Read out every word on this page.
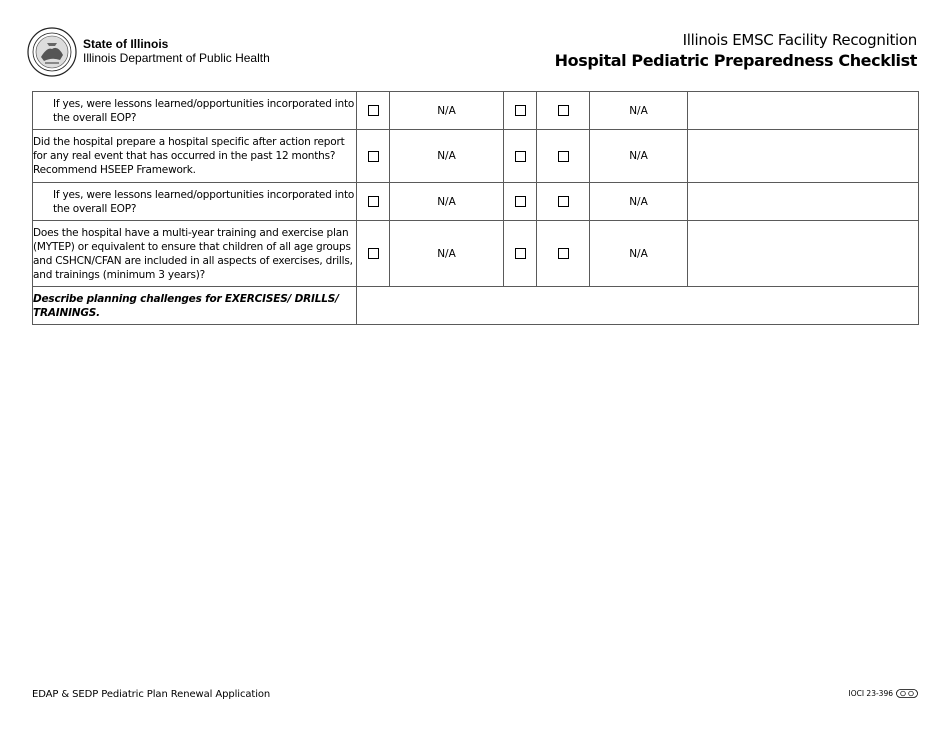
State of Illinois
Illinois Department of Public Health
Illinois EMSC Facility Recognition
Hospital Pediatric Preparedness Checklist
If yes, were lessons learned/opportunities incorporated into the overall EOP?		N/A			N/A	
Did the hospital prepare a hospital specific after action report for any real event that has occurred in the past 12 months? Recommend HSEEP Framework.		N/A			N/A	
If yes, were lessons learned/opportunities incorporated into the overall EOP?		N/A			N/A	
Does the hospital have a multi-year training and exercise plan (MYTEP) or equivalent to ensure that children of all age groups and CSHCN/CFAN are included in all aspects of exercises, drills, and trainings (minimum 3 years)?		N/A			N/A	
Describe planning challenges for EXERCISES/ DRILLS/ TRAININGS.						
EDAP & SEDP Pediatric Plan Renewal Application	IOCI 23-396
